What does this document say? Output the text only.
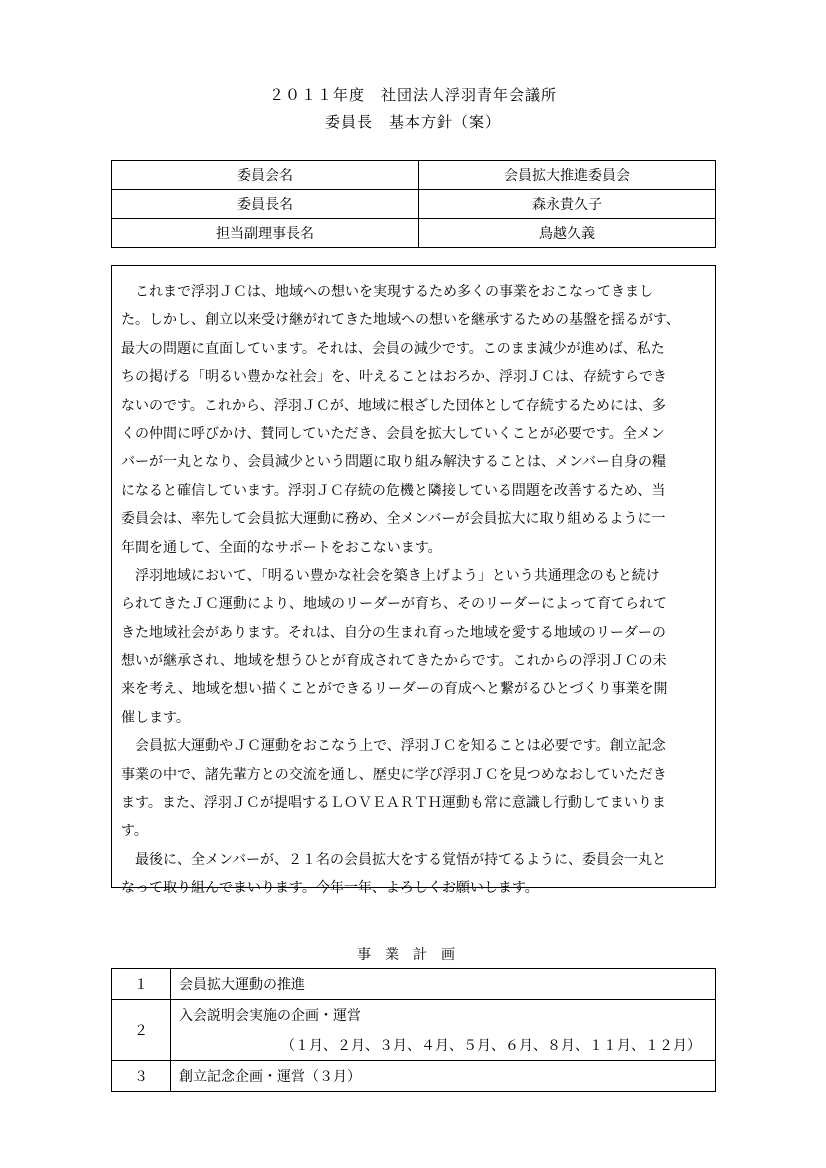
２０１１年度　社団法人浮羽青年会議所
委員長　基本方針（案）
委員会名	会員拡大推進委員会
委員長名	森永貴久子
担当副理事長名	鳥越久義
　これまで浮羽ＪＣは、地域への想いを実現するため多くの事業をおこなってきまし
た。しかし、創立以来受け継がれてきた地域への想いを継承するための基盤を揺るがす、
最大の問題に直面しています。それは、会員の減少です。このまま減少が進めば、私た
ちの掲げる「明るい豊かな社会」を、叶えることはおろか、浮羽ＪＣは、存続すらでき
ないのです。これから、浮羽ＪＣが、地域に根ざした団体として存続するためには、多
くの仲間に呼びかけ、賛同していただき、会員を拡大していくことが必要です。全メン
バーが一丸となり、会員減少という問題に取り組み解決することは、メンバー自身の糧
になると確信しています。浮羽ＪＣ存続の危機と隣接している問題を改善するため、当
委員会は、率先して会員拡大運動に務め、全メンバーが会員拡大に取り組めるように一
年間を通して、全面的なサポートをおこないます。
　浮羽地域において、「明るい豊かな社会を築き上げよう」という共通理念のもと続け
られてきたＪＣ運動により、地域のリーダーが育ち、そのリーダーによって育てられて
きた地域社会があります。それは、自分の生まれ育った地域を愛する地域のリーダーの
想いが継承され、地域を想うひとが育成されてきたからです。これからの浮羽ＪＣの未
来を考え、地域を想い描くことができるリーダーの育成へと繋がるひとづくり事業を開
催します。
　会員拡大運動やＪＣ運動をおこなう上で、浮羽ＪＣを知ることは必要です。創立記念
事業の中で、諸先輩方との交流を通し、歴史に学び浮羽ＪＣを見つめなおしていただき
ます。また、浮羽ＪＣが提唱するＬＯＶＥＡＲＴＨ運動も常に意識し行動してまいりま
す。
　最後に、全メンバーが、２１名の会員拡大をする覚悟が持てるように、委員会一丸と
なって取り組んでまいります。今年一年、よろしくお願いします。
事業計画
１	会員拡大運動の推進
２	入会説明会実施の企画・運営
	（１月、２月、３月、４月、５月、６月、８月、１１月、１２月）
３	創立記念企画・運営（３月）
